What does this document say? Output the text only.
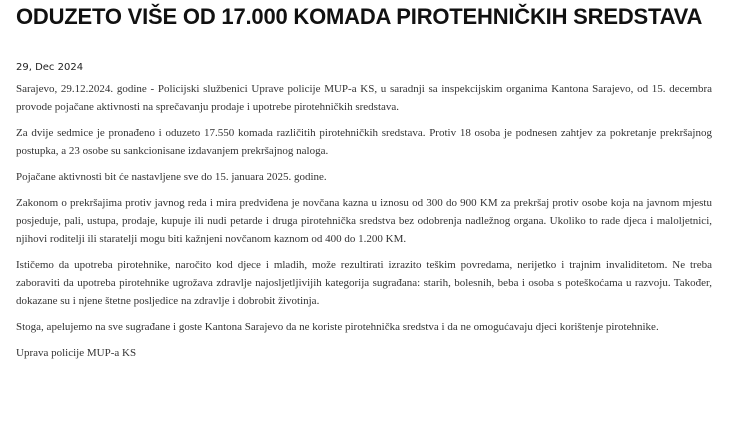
ODUZETO VIŠE OD 17.000 KOMADA PIROTEHNIČKIH SREDSTAVA
29, Dec 2024

Sarajevo, 29.12.2024. godine - Policijski službenici Uprave policije MUP-a KS, u saradnji sa inspekcijskim organima Kantona Sarajevo, od 15. decembra provode pojačane aktivnosti na sprečavanju prodaje i upotrebe pirotehničkih sredstava.

Za dvije sedmice je pronađeno i oduzeto 17.550 komada različitih pirotehničkih sredstava. Protiv 18 osoba je podnesen zahtjev za pokretanje prekršajnog postupka, a 23 osobe su sankcionisane izdavanjem prekršajnog naloga.

Pojačane aktivnosti bit će nastavljene sve do 15. januara 2025. godine.

Zakonom o prekršajima protiv javnog reda i mira predviđena je novčana kazna u iznosu od 300 do 900 KM za prekršaj protiv osobe koja na javnom mjestu posjeduje, pali, ustupa, prodaje, kupuje ili nudi petarde i druga pirotehnička sredstva bez odobrenja nadležnog organa. Ukoliko to rade djeca i maloljetnici, njihovi roditelji ili staratelji mogu biti kažnjeni novčanom kaznom od 400 do 1.200 KM.

Ističemo da upotreba pirotehnike, naročito kod djece i mladih, može rezultirati izrazito teškim povredama, nerijetko i trajnim invaliditetom. Ne treba zaboraviti da upotreba pirotehnike ugrožava zdravlje najosljetljivijih kategorija sugrađana: starih, bolesnih, beba i osoba s poteškoćama u razvoju. Također, dokazane su i njene štetne posljedice na zdravlje i dobrobit životinja.

Stoga, apelujemo na sve sugrađane i goste Kantona Sarajevo da ne koriste pirotehnička sredstva i da ne omogućavaju djeci korištenje pirotehnike.

Uprava policije MUP-a KS
